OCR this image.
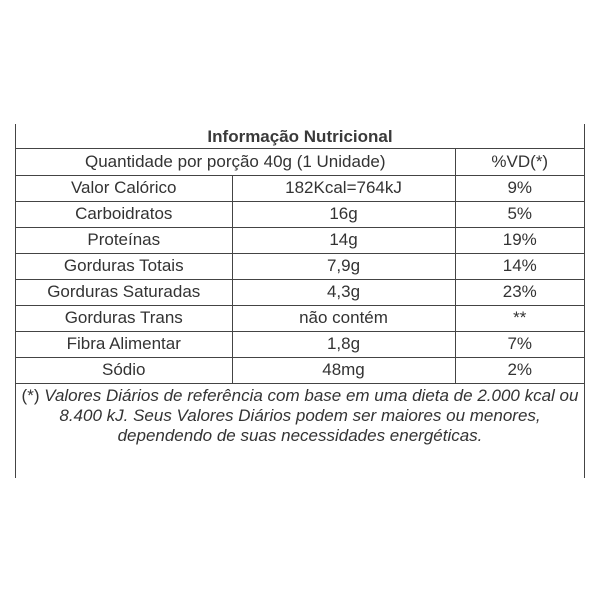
Informação Nutricional
Quantidade por porção 40g (1 Unidade)		%VD(*)
Valor Calórico	182Kcal=764kJ	9%
Carboidratos	16g	5%
Proteínas	14g	19%
Gorduras Totais	7,9g	14%
Gorduras Saturadas	4,3g	23%
Gorduras Trans	não contém	**
Fibra Alimentar	1,8g	7%
Sódio	48mg	2%
(*) Valores Diários de referência com base em uma dieta de 2.000 kcal ou 8.400 kJ. Seus Valores Diários podem ser maiores ou menores, dependendo de suas necessidades energéticas.
